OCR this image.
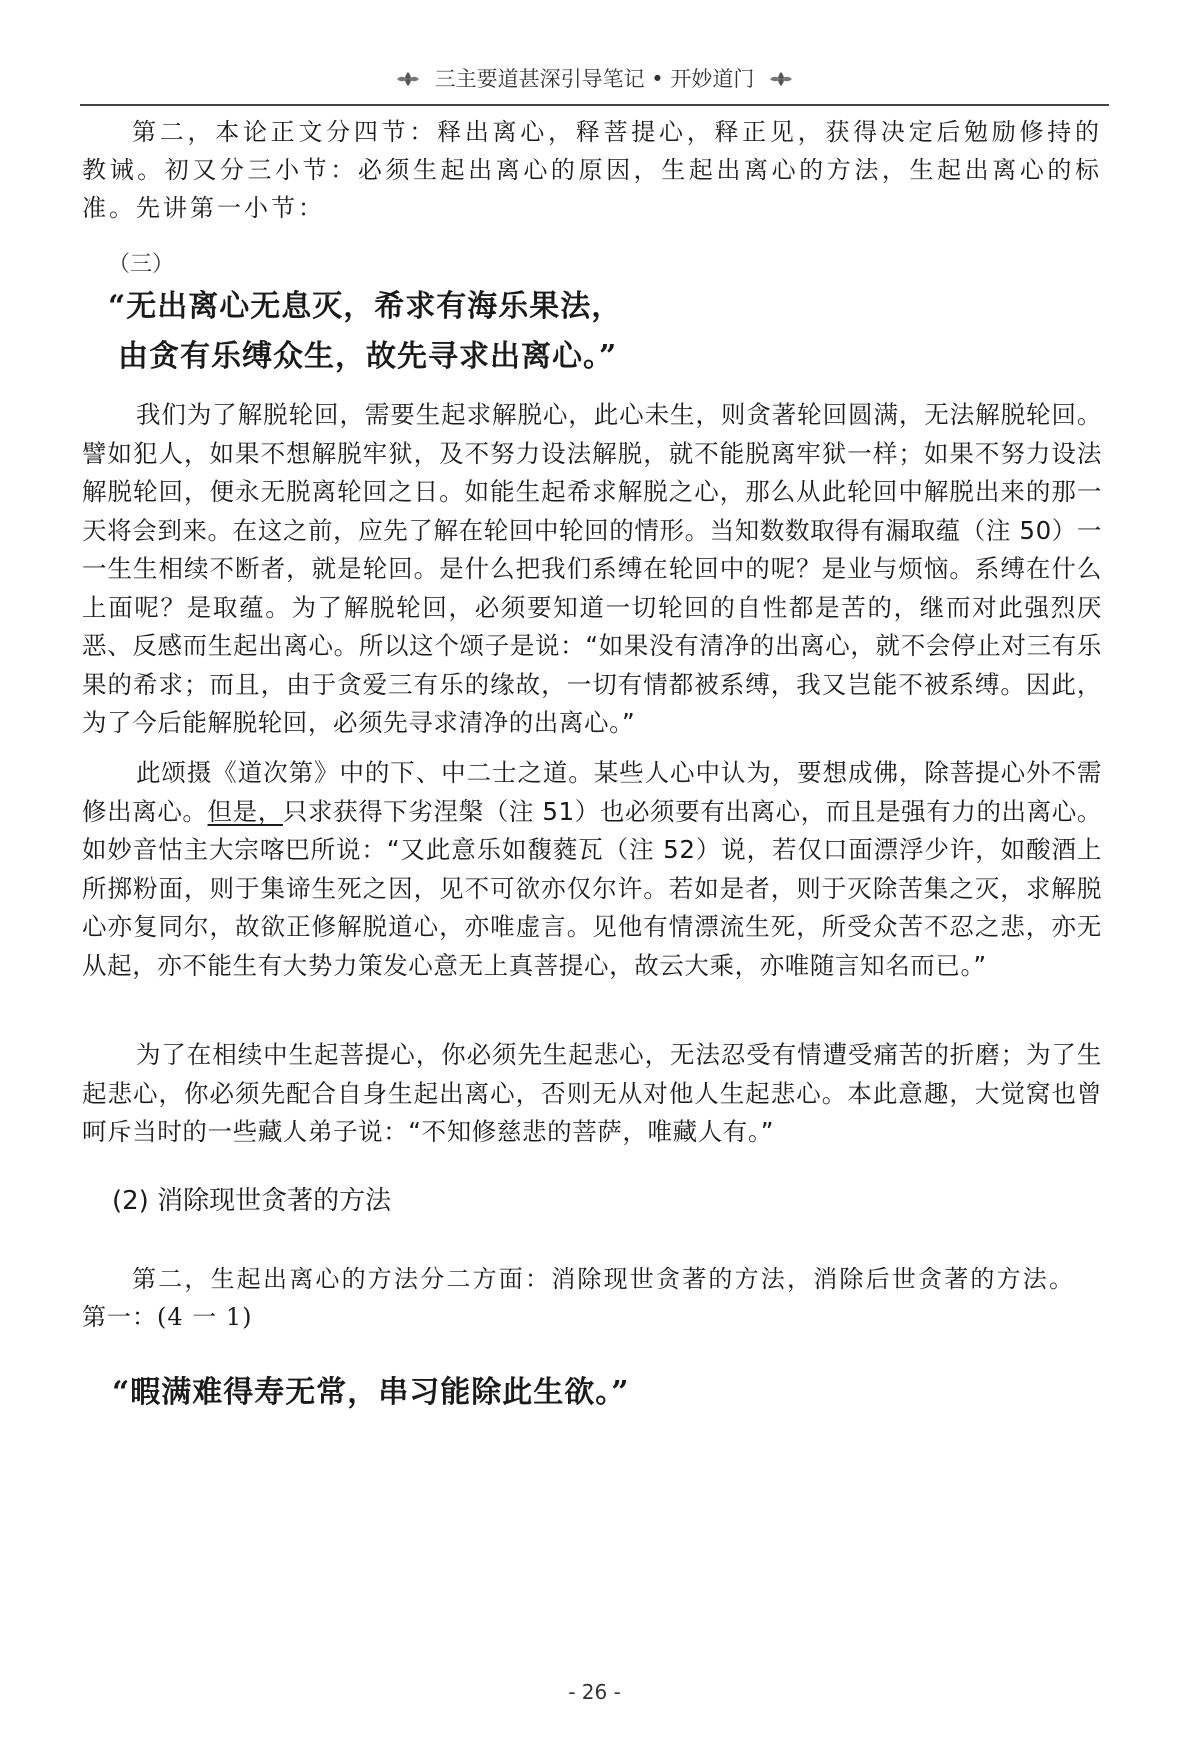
三主要道甚深引导笔记 • 开妙道门

第二，本论正文分四节：释出离心，释菩提心，释正见，获得决定后勉励修持的教诫。初又分三小节：必须生起出离心的原因，生起出离心的方法，生起出离心的标准。先讲第一小节：

（三）

“无出离心无息灭，希求有海乐果法，

由贪有乐缚众生，故先寻求出离心。”

我们为了解脱轮回，需要生起求解脱心，此心未生，则贪著轮回圆满，无法解脱轮回。譬如犯人，如果不想解脱牢狱，及不努力设法解脱，就不能脱离牢狱一样；如果不努力设法解脱轮回，便永无脱离轮回之日。如能生起希求解脱之心，那么从此轮回中解脱出来的那一天将会到来。在这之前，应先了解在轮回中轮回的情形。当知数数取得有漏取蕴（注 50）一一生生相续不断者，就是轮回。是什么把我们系缚在轮回中的呢？是业与烦恼。系缚在什么上面呢？是取蕴。为了解脱轮回，必须要知道一切轮回的自性都是苦的，继而对此强烈厌恶、反感而生起出离心。所以这个颂子是说：“如果没有清净的出离心，就不会停止对三有乐果的希求；而且，由于贪爱三有乐的缘故，一切有情都被系缚，我又岂能不被系缚。因此，为了今后能解脱轮回，必须先寻求清净的出离心。”

此颂摄《道次第》中的下、中二士之道。某些人心中认为，要想成佛，除菩提心外不需修出离心。但是，只求获得下劣涅槃（注 51）也必须要有出离心，而且是强有力的出离心。如妙音怙主大宗喀巴所说：“又此意乐如馥蕤瓦（注 52）说，若仅口面漂浮少许，如酸酒上所掷粉面，则于集谛生死之因，见不可欲亦仅尔许。若如是者，则于灭除苦集之灭，求解脱心亦复同尔，故欲正修解脱道心，亦唯虚言。见他有情漂流生死，所受众苦不忍之悲，亦无从起，亦不能生有大势力策发心意无上真菩提心，故云大乘，亦唯随言知名而已。”

为了在相续中生起菩提心，你必须先生起悲心，无法忍受有情遭受痛苦的折磨；为了生起悲心，你必须先配合自身生起出离心，否则无从对他人生起悲心。本此意趣，大觉窝也曾呵斥当时的一些藏人弟子说：“不知修慈悲的菩萨，唯藏人有。”

(2) 消除现世贪著的方法

第二，生起出离心的方法分二方面：消除现世贪著的方法，消除后世贪著的方法。

第一：(4 一 1)

“暇满难得寿无常，串习能除此生欲。”

- 26 -
